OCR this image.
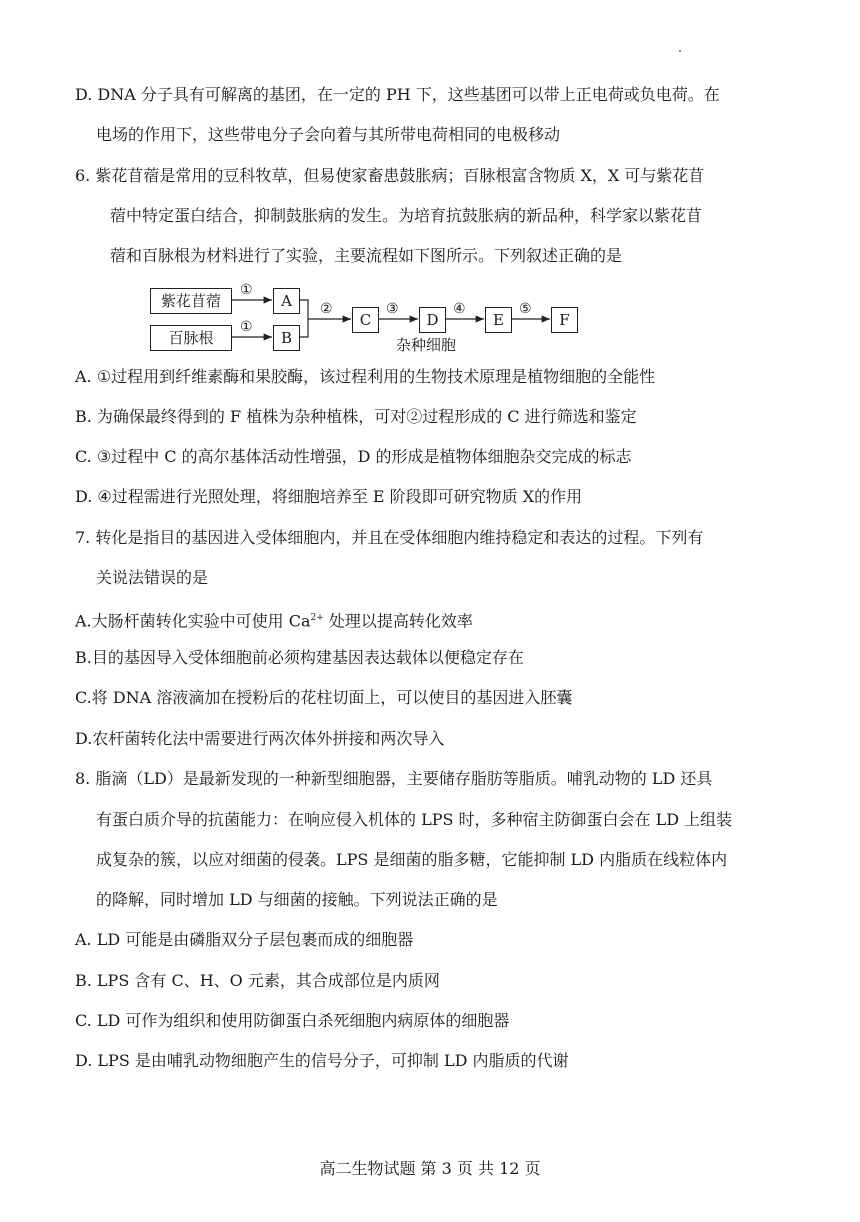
D. DNA 分子具有可解离的基团，在一定的 PH 下，这些基团可以带上正电荷或负电荷。在
电场的作用下，这些带电分子会向着与其所带电荷相同的电极移动
6. 紫花苜蓿是常用的豆科牧草，但易使家畜患鼓胀病；百脉根富含物质 X，X 可与紫花苜
蓿中特定蛋白结合，抑制鼓胀病的发生。为培育抗鼓胀病的新品种，科学家以紫花苜
蓿和百脉根为材料进行了实验，主要流程如下图所示。下列叙述正确的是
紫花苜蓿
百脉根
A
B
C	D	E	F
①
①
②	③	④	⑤
杂种细胞
A. ①过程用到纤维素酶和果胶酶，该过程利用的生物技术原理是植物细胞的全能性
B. 为确保最终得到的 F 植株为杂种植株，可对②过程形成的 C 进行筛选和鉴定
C. ③过程中 C 的高尔基体活动性增强，D 的形成是植物体细胞杂交完成的标志
D. ④过程需进行光照处理，将细胞培养至 E 阶段即可研究物质 X的作用
7. 转化是指目的基因进入受体细胞内，并且在受体细胞内维持稳定和表达的过程。下列有
关说法错误的是
A.大肠杆菌转化实验中可使用 $Ca^{2+}$ 处理以提高转化效率
B.目的基因导入受体细胞前必须构建基因表达载体以便稳定存在
C.将 DNA 溶液滴加在授粉后的花柱切面上，可以使目的基因进入胚囊
D.农杆菌转化法中需要进行两次体外拼接和两次导入
8. 脂滴（LD）是最新发现的一种新型细胞器，主要储存脂肪等脂质。哺乳动物的 LD 还具
有蛋白质介导的抗菌能力：在响应侵入机体的 LPS 时，多种宿主防御蛋白会在 LD 上组装
成复杂的簇，以应对细菌的侵袭。LPS 是细菌的脂多糖，它能抑制 LD 内脂质在线粒体内
的降解，同时增加 LD 与细菌的接触。下列说法正确的是
A. LD 可能是由磷脂双分子层包裹而成的细胞器
B. LPS 含有 C、H、O 元素，其合成部位是内质网
C. LD 可作为组织和使用防御蛋白杀死细胞内病原体的细胞器
D. LPS 是由哺乳动物细胞产生的信号分子，可抑制 LD 内脂质的代谢
高二生物试题 第 3 页 共 12 页
